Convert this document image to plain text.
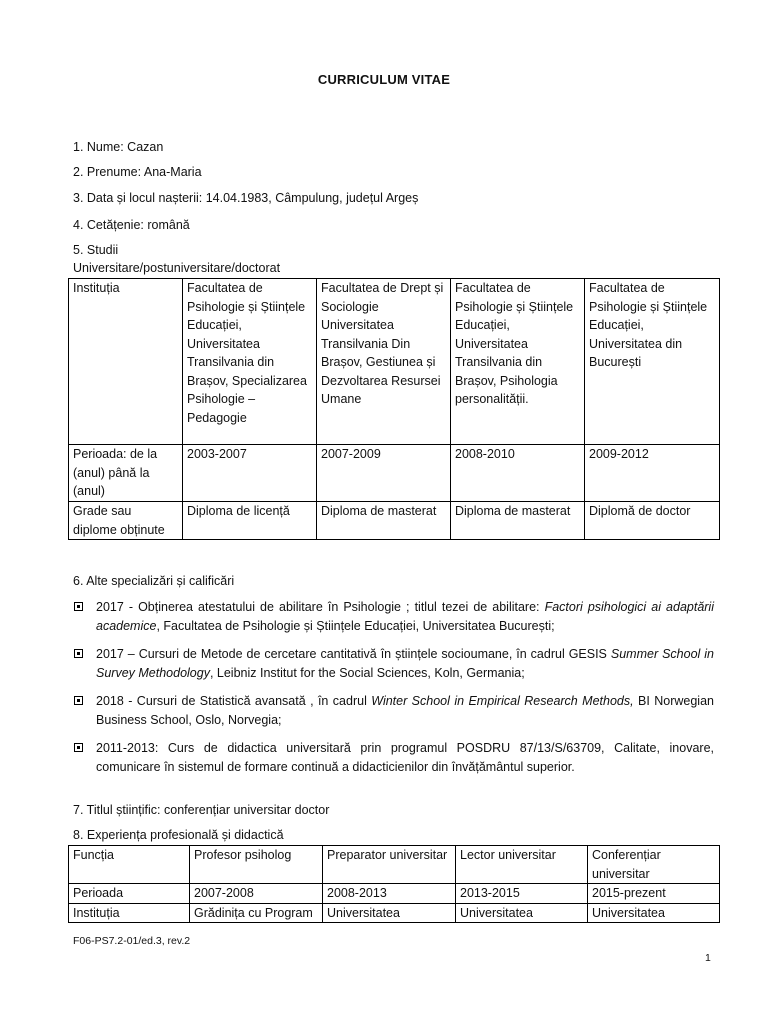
CURRICULUM VITAE
1. Nume: Cazan
2. Prenume: Ana-Maria
3. Data și locul nașterii: 14.04.1983, Câmpulung, județul Argeș
4. Cetățenie: română
5. Studii
Universitare/postuniversitare/doctorat
Instituția	Facultatea de Psihologie și Științele Educației, Universitatea Transilvania din Brașov, Specializarea Psihologie – Pedagogie	Facultatea de Drept și Sociologie Universitatea Transilvania Din Brașov, Gestiunea și Dezvoltarea Resursei Umane	Facultatea de Psihologie și Științele Educației, Universitatea Transilvania din Brașov, Psihologia personalității.	Facultatea de Psihologie și Științele Educației, Universitatea din București
Perioada: de la (anul) până la (anul)	2003-2007	2007-2009	2008-2010	2009-2012
Grade sau diplome obținute	Diploma de licență	Diploma de masterat	Diploma de masterat	Diplomă de doctor
6. Alte specializări și calificări
2017 - Obținerea atestatului de abilitare în Psihologie ; titlul tezei de abilitare: Factori psihologici ai adaptării academice, Facultatea de Psihologie și Științele Educației, Universitatea București;
2017 – Cursuri de Metode de cercetare cantitativă în științele socioumane, în cadrul GESIS Summer School in Survey Methodology, Leibniz Institut for the Social Sciences, Koln, Germania;
2018 - Cursuri de Statistică avansată , în cadrul Winter School in Empirical Research Methods, BI Norwegian Business School, Oslo, Norvegia;
2011-2013: Curs de didactica universitară prin programul POSDRU 87/13/S/63709, Calitate, inovare, comunicare în sistemul de formare continuă a didacticienilor din învățământul superior.
7. Titlul științific: conferențiar universitar doctor
8. Experiența profesională și didactică
Funcția	Profesor psiholog	Preparator universitar	Lector universitar	Conferențiar universitar
Perioada	2007-2008	2008-2013	2013-2015	2015-prezent
Instituția	Grădinița cu Program	Universitatea	Universitatea	Universitatea
F06-PS7.2-01/ed.3, rev.2
1
